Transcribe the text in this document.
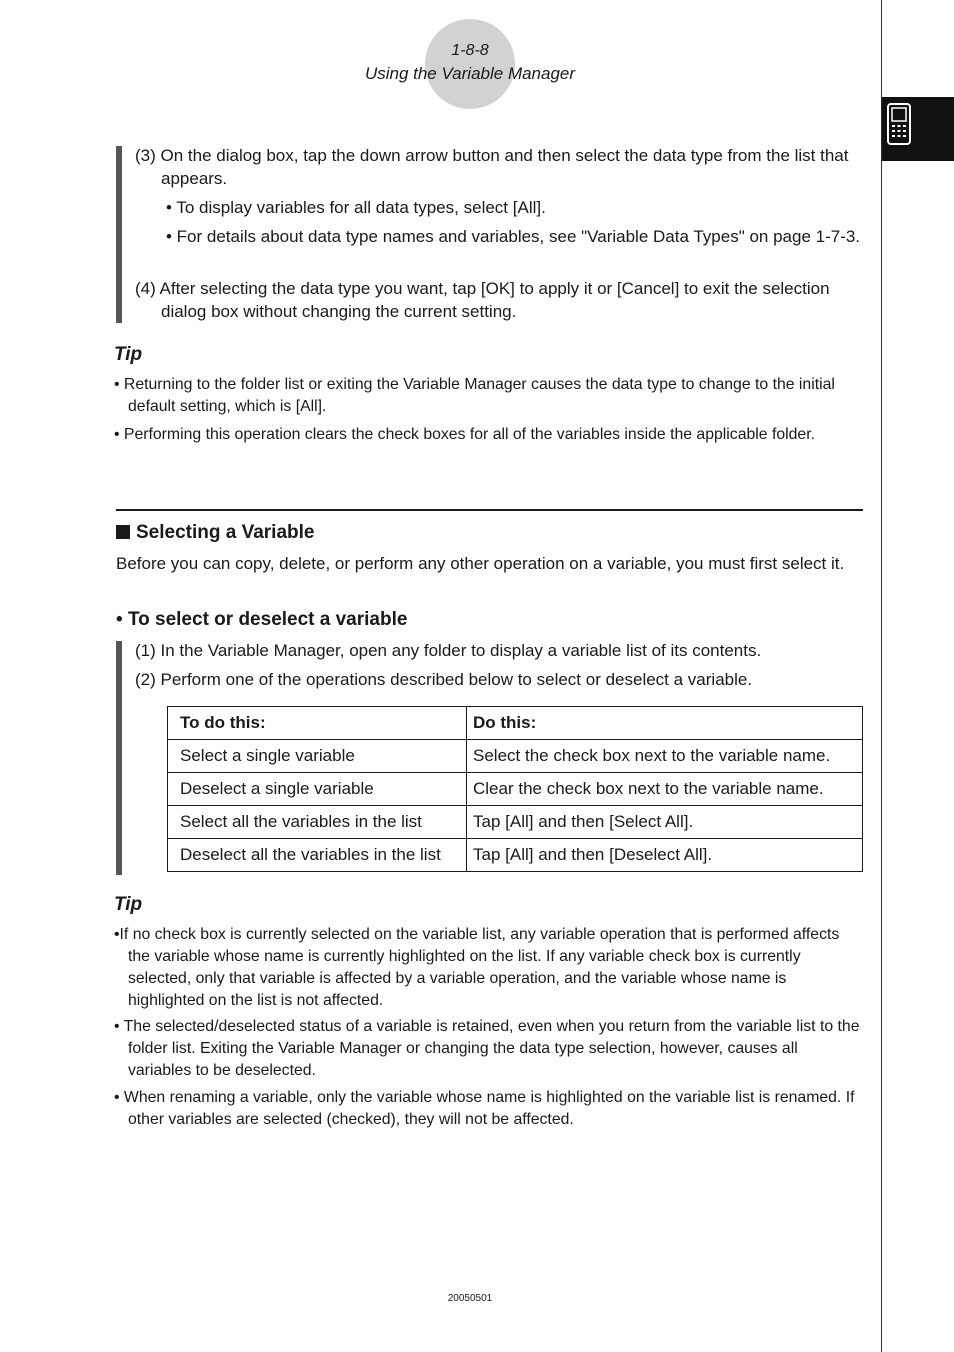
1-8-8
Using the Variable Manager
(3) On the dialog box, tap the down arrow button and then select the data type from the list that appears.
• To display variables for all data types, select [All].
• For details about data type names and variables, see "Variable Data Types" on page 1-7-3.
(4) After selecting the data type you want, tap [OK] to apply it or [Cancel] to exit the selection dialog box without changing the current setting.
Tip
• Returning to the folder list or exiting the Variable Manager causes the data type to change to the initial default setting, which is [All].
• Performing this operation clears the check boxes for all of the variables inside the applicable folder.
Selecting a Variable
Before you can copy, delete, or perform any other operation on a variable, you must first select it.
• To select or deselect a variable
(1) In the Variable Manager, open any folder to display a variable list of its contents.
(2) Perform one of the operations described below to select or deselect a variable.
To do this:	Do this:
Select a single variable	Select the check box next to the variable name.
Deselect a single variable	Clear the check box next to the variable name.
Select all the variables in the list	Tap [All] and then [Select All].
Deselect all the variables in the list	Tap [All] and then [Deselect All].
Tip
•If no check box is currently selected on the variable list, any variable operation that is performed affects the variable whose name is currently highlighted on the list. If any variable check box is currently selected, only that variable is affected by a variable operation, and the variable whose name is highlighted on the list is not affected.
• The selected/deselected status of a variable is retained, even when you return from the variable list to the folder list. Exiting the Variable Manager or changing the data type selection, however, causes all variables to be deselected.
• When renaming a variable, only the variable whose name is highlighted on the variable list is renamed. If other variables are selected (checked), they will not be affected.
20050501
